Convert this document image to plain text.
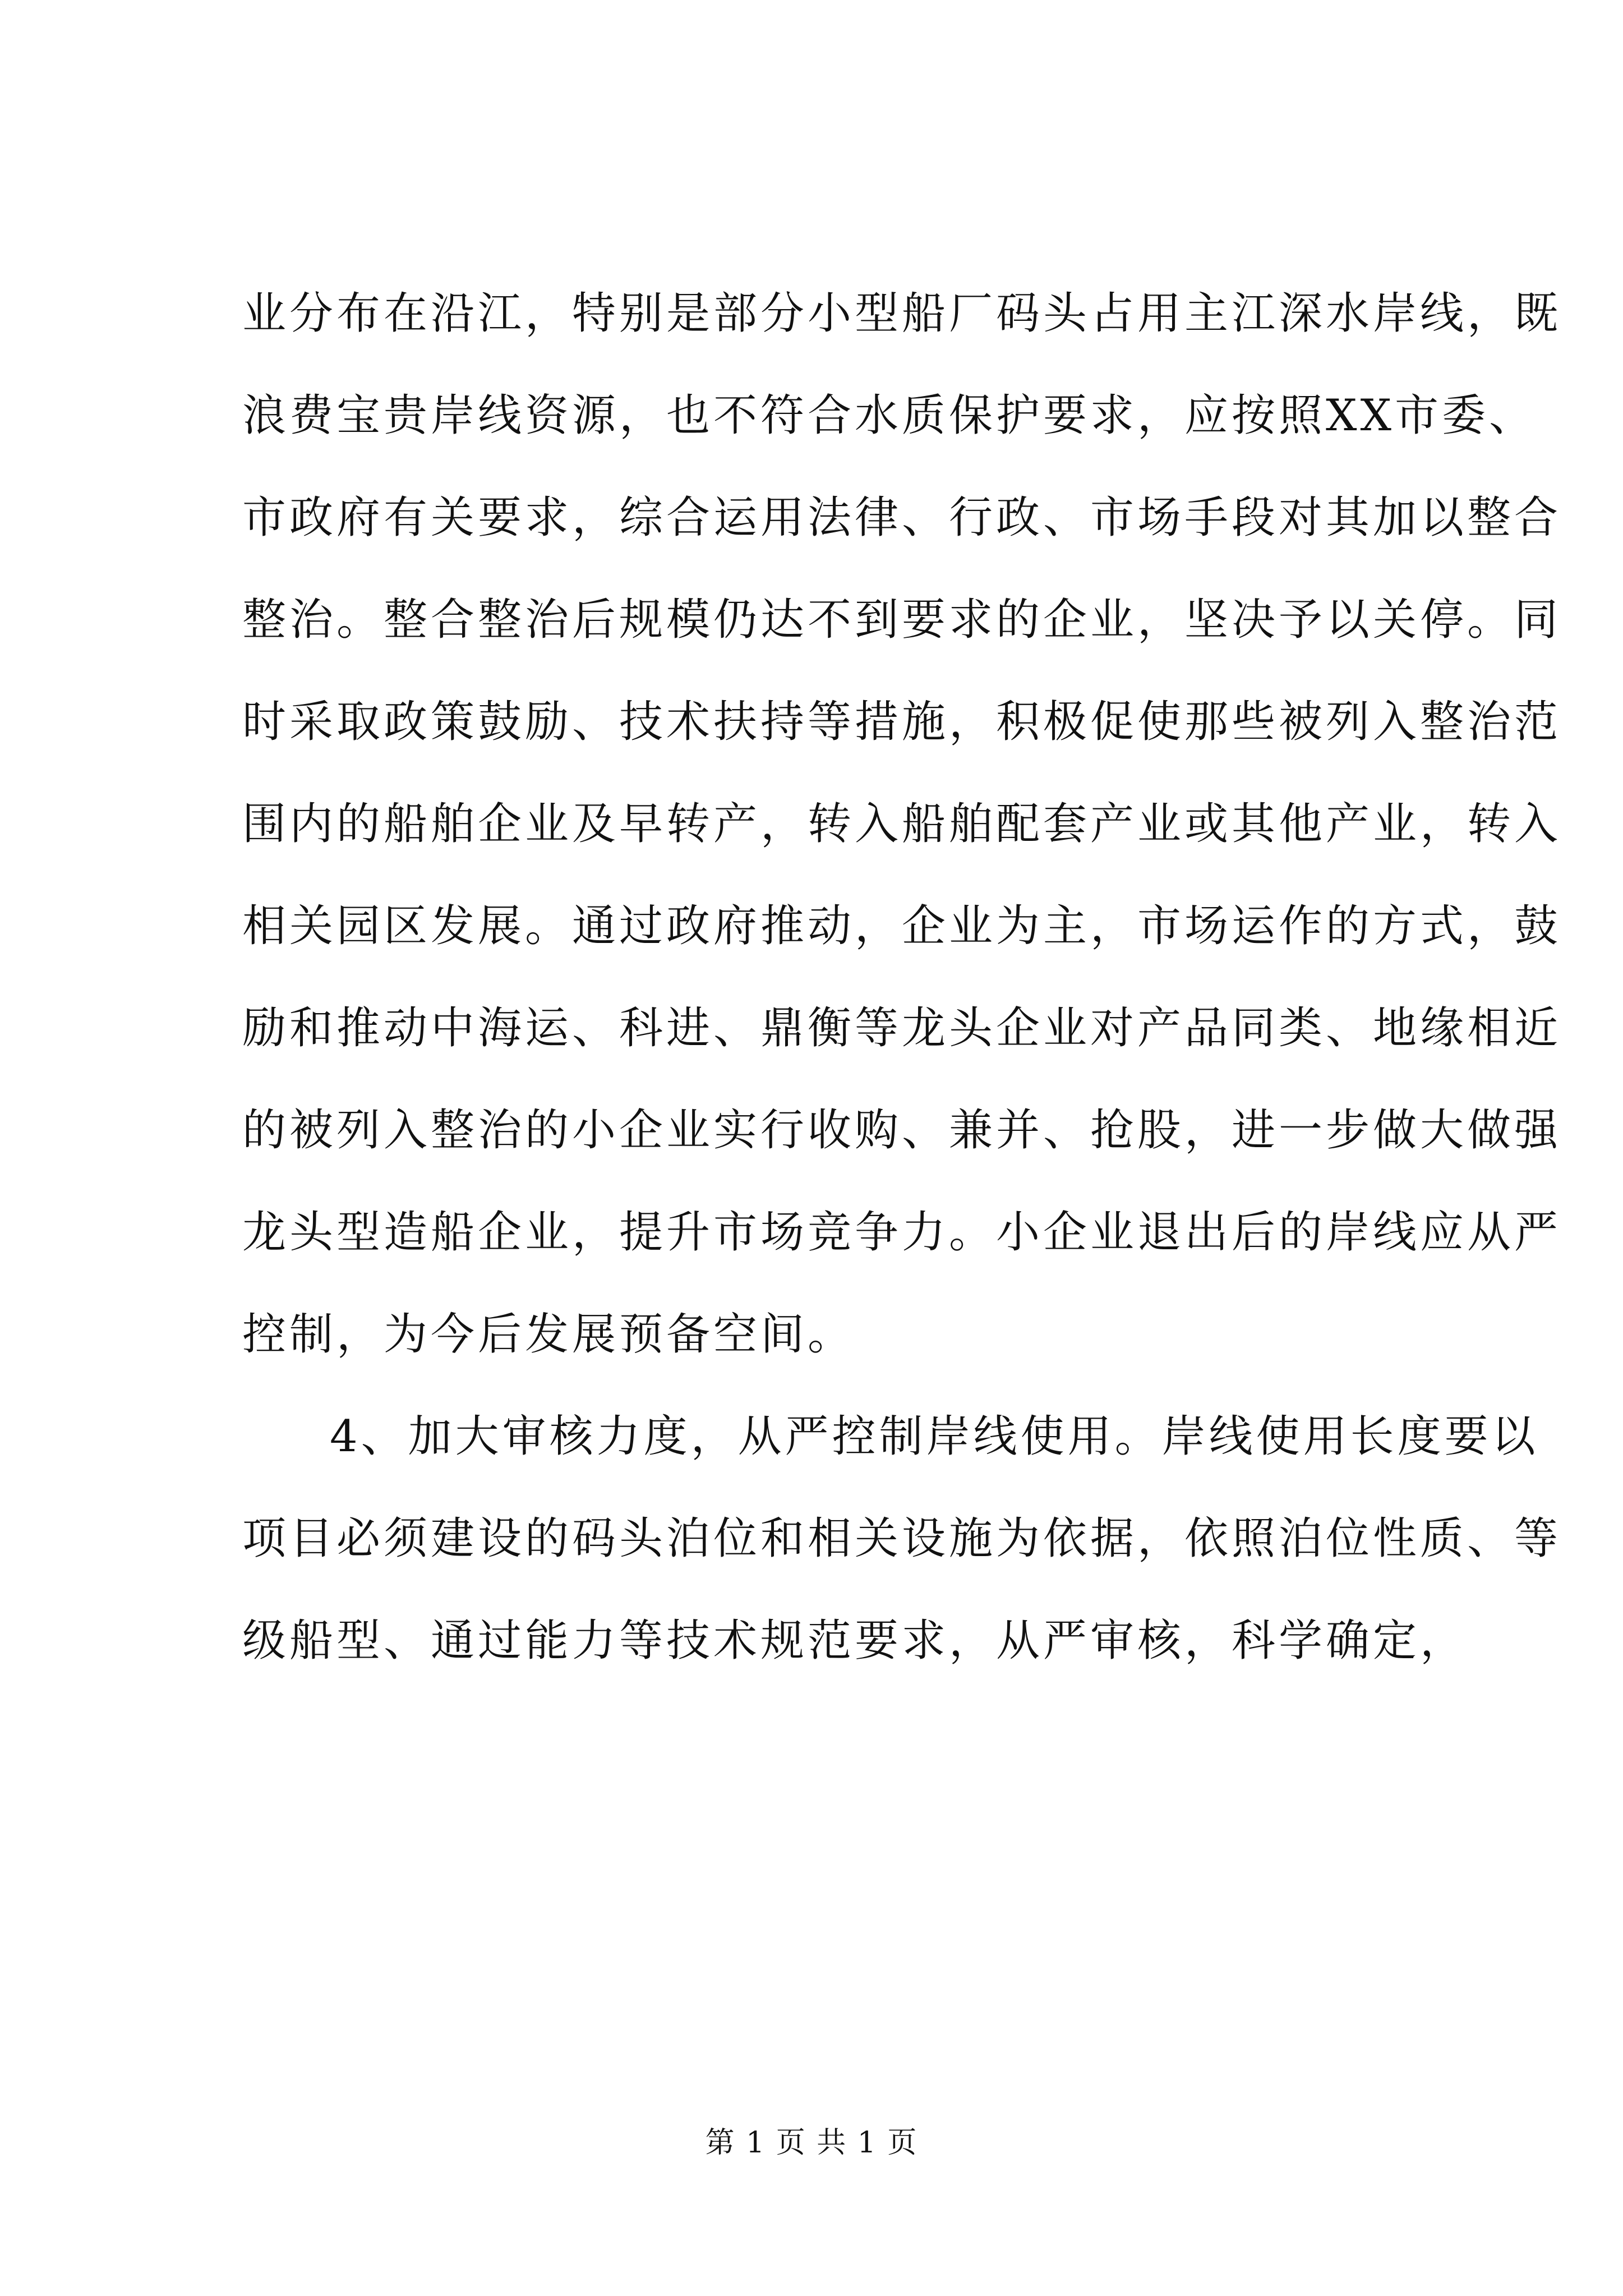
业分布在沿江，特别是部分小型船厂码头占用主江深水岸线，既
浪费宝贵岸线资源，也不符合水质保护要求，应按照XX市委、
市政府有关要求，综合运用法律、行政、市场手段对其加以整合
整治。整合整治后规模仍达不到要求的企业，坚决予以关停。同
时采取政策鼓励、技术扶持等措施，积极促使那些被列入整治范
围内的船舶企业及早转产，转入船舶配套产业或其他产业，转入
相关园区发展。通过政府推动，企业为主，市场运作的方式，鼓
励和推动中海运、科进、鼎衡等龙头企业对产品同类、地缘相近
的被列入整治的小企业实行收购、兼并、抢股，进一步做大做强
龙头型造船企业，提升市场竞争力。小企业退出后的岸线应从严
控制，为今后发展预备空间。
4、加大审核力度，从严控制岸线使用。岸线使用长度要以
项目必须建设的码头泊位和相关设施为依据，依照泊位性质、等
级船型、通过能力等技术规范要求，从严审核，科学确定，
第 1 页 共 1 页
